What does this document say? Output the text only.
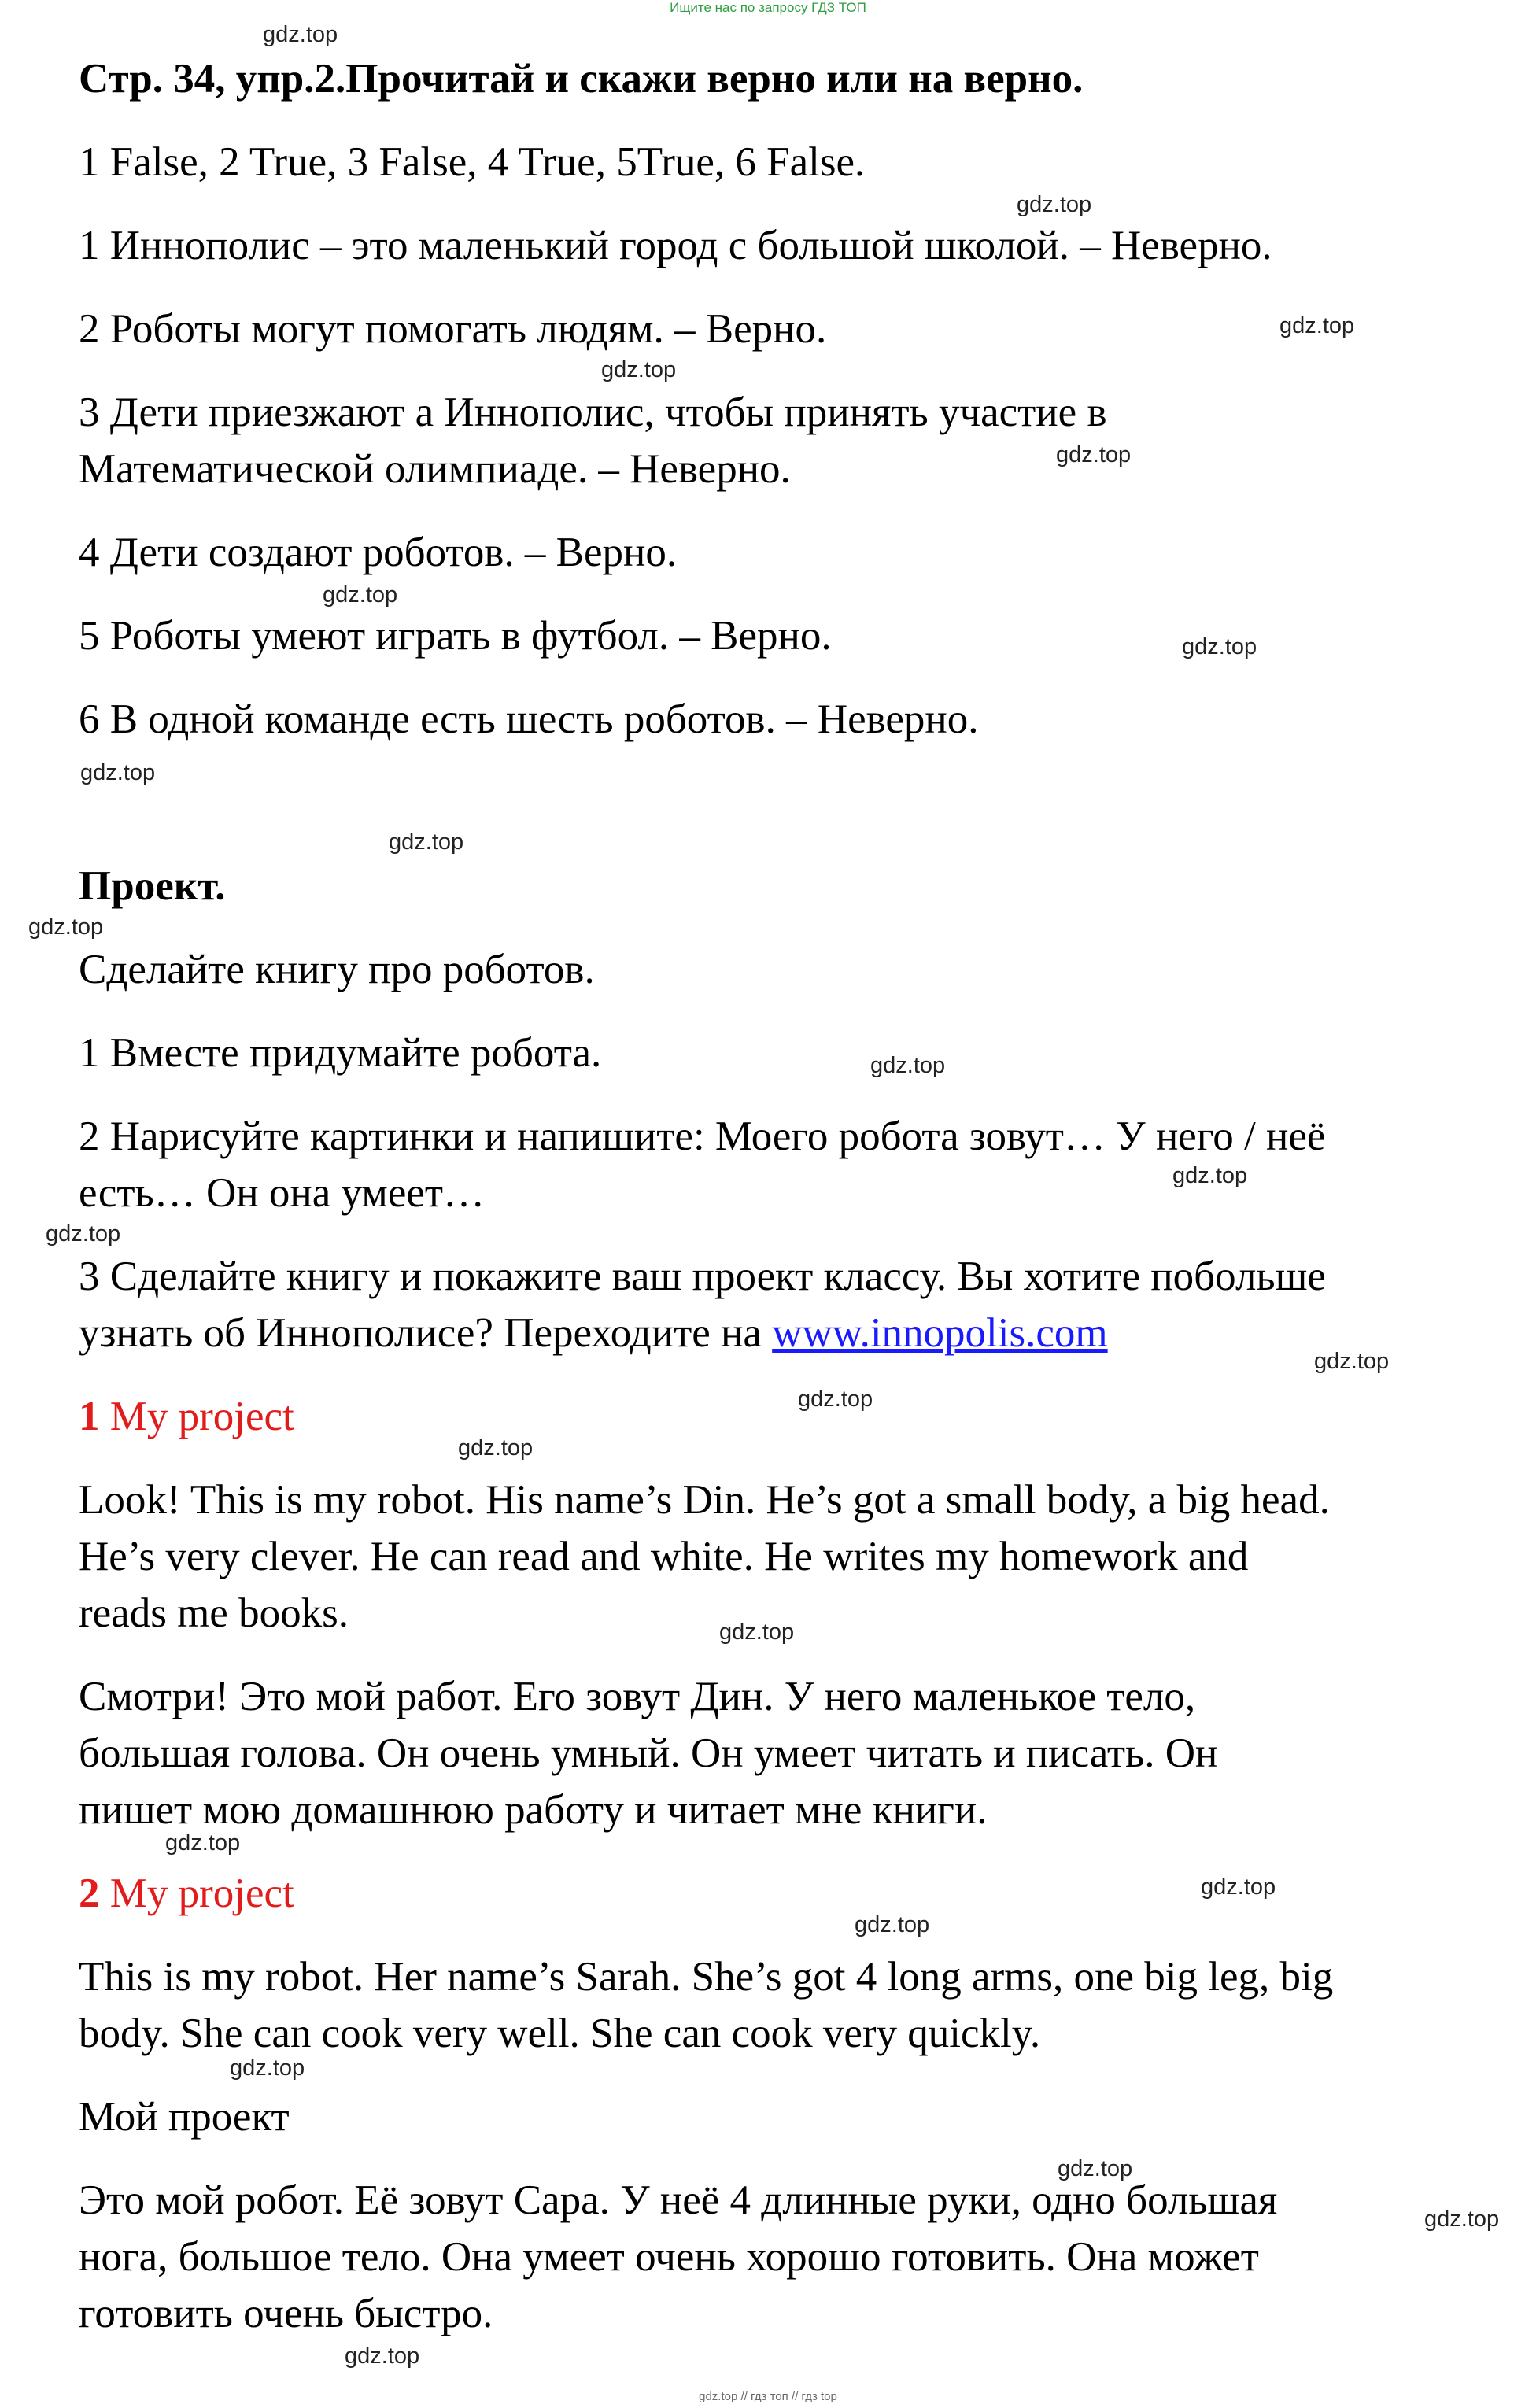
Ищите нас по запросу ГДЗ ТОП
Стр. 34, упр.2.Прочитай и скажи верно или на верно.
1 False, 2 True, 3 False, 4 True, 5True, 6 False.
1 Иннополис – это маленький город с большой школой. – Неверно.
2 Роботы могут помогать людям. – Верно.
3 Дети приезжают а Иннополис, чтобы принять участие в
Математической олимпиаде. – Неверно.
4 Дети создают роботов. – Верно.
5 Роботы умеют играть в футбол. – Верно.
6 В одной команде есть шесть роботов. – Неверно.
Проект.
Сделайте книгу про роботов.
1 Вместе придумайте робота.
2 Нарисуйте картинки и напишите: Моего робота зовут… У него / неё
есть… Он она умеет…
3 Сделайте книгу и покажите ваш проект классу. Вы хотите побольше
узнать об Иннополисе? Переходите на www.innopolis.com
1 My project
Look! This is my robot. His name’s Din. He’s got a small body, a big head.
He’s very clever. He can read and white. He writes my homework and
reads me books.
Смотри! Это мой работ. Его зовут Дин. У него маленькое тело,
большая голова. Он очень умный. Он умеет читать и писать. Он
пишет мою домашнюю работу и читает мне книги.
2 My project
This is my robot. Her name’s Sarah. She’s got 4 long arms, one big leg, big
body. She can cook very well. She can cook very quickly.
Мой проект
Это мой робот. Её зовут Сара. У неё 4 длинные руки, одно большая
нога, большое тело. Она умеет очень хорошо готовить. Она может
готовить очень быстро.
gdz.top
gdz.top
gdz.top
gdz.top
gdz.top
gdz.top
gdz.top
gdz.top
gdz.top
gdz.top
gdz.top
gdz.top
gdz.top
gdz.top
gdz.top
gdz.top
gdz.top
gdz.top
gdz.top
gdz.top
gdz.top
gdz.top
gdz.top
gdz.top
gdz.top // гдз топ // гдз top
